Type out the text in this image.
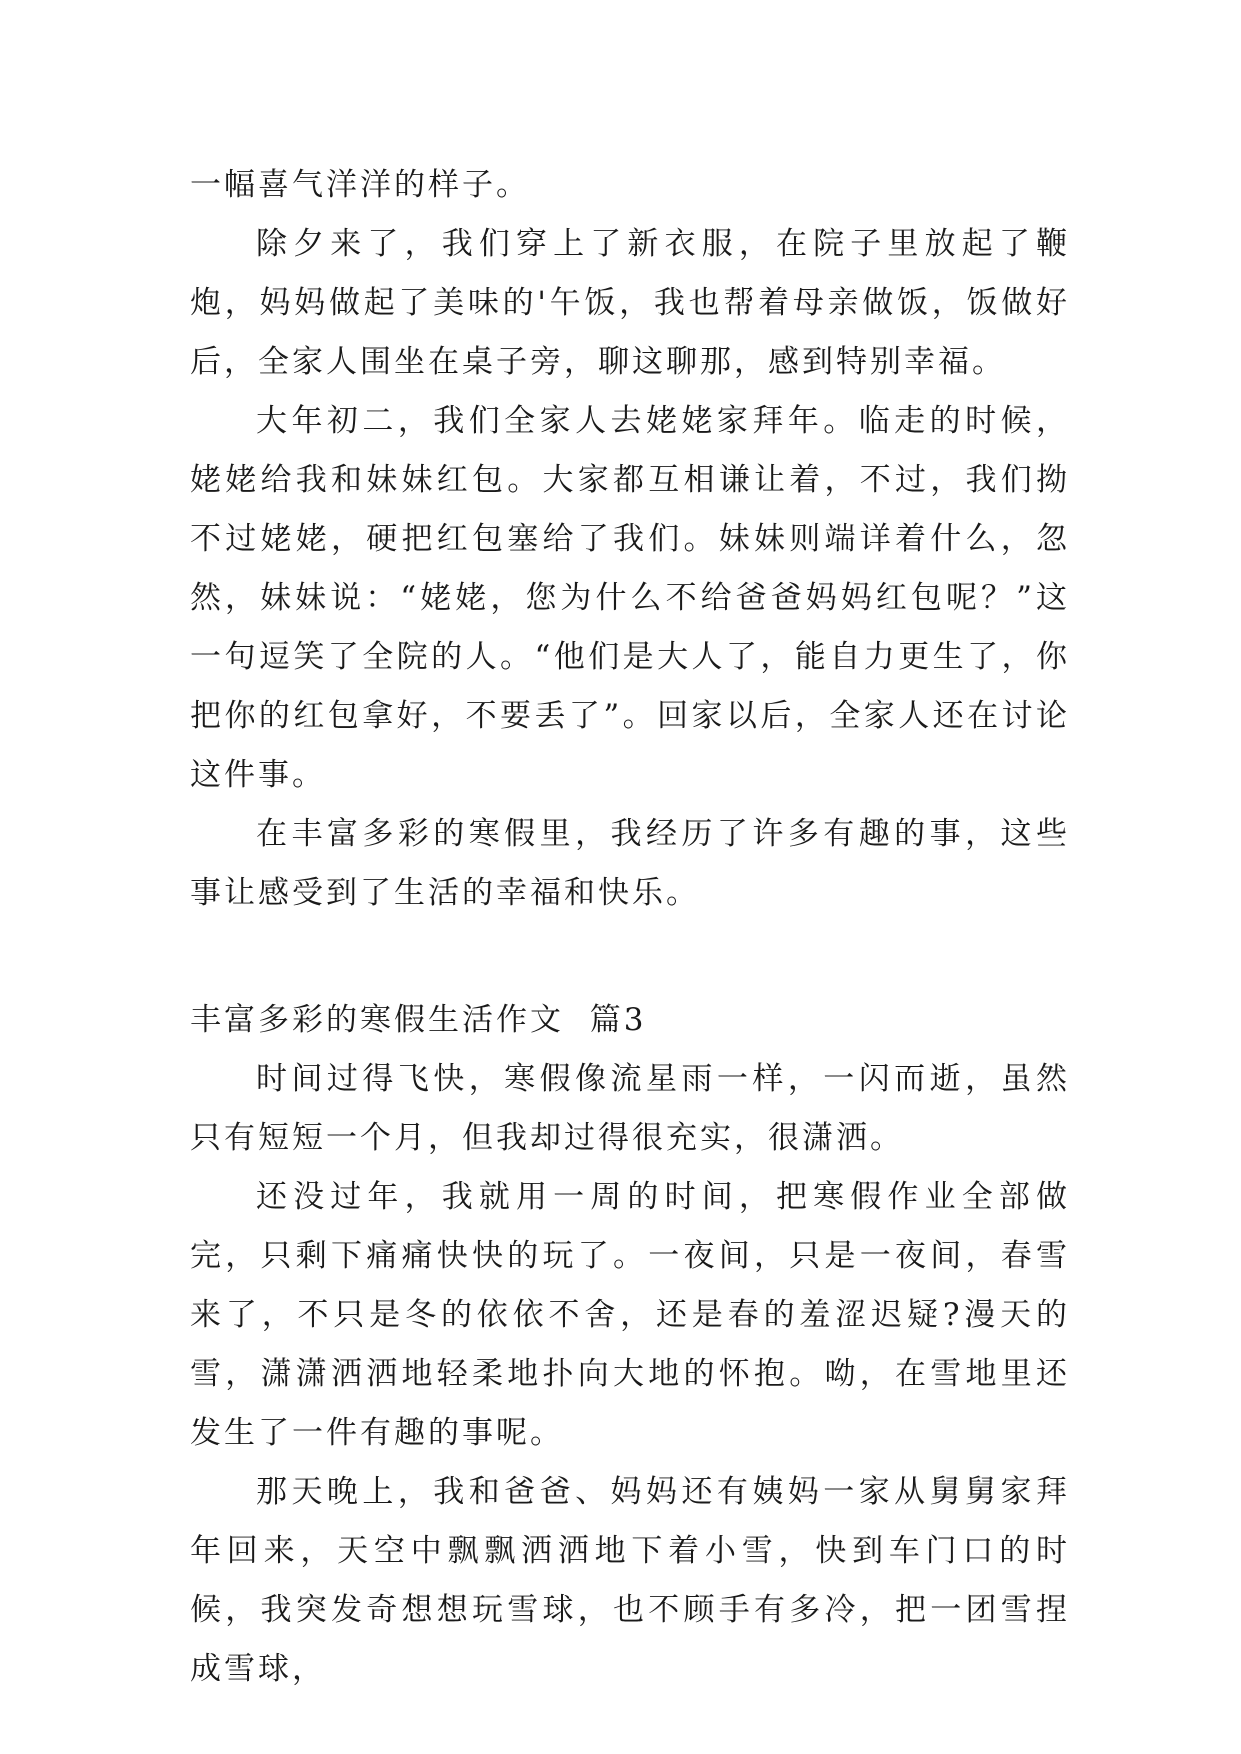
一幅喜气洋洋的样子。

除夕来了，我们穿上了新衣服，在院子里放起了鞭炮，妈妈做起了美味的'午饭，我也帮着母亲做饭，饭做好后，全家人围坐在桌子旁，聊这聊那，感到特别幸福。

大年初二，我们全家人去姥姥家拜年。临走的时候，姥姥给我和妹妹红包。大家都互相谦让着，不过，我们拗不过姥姥，硬把红包塞给了我们。妹妹则端详着什么，忽然，妹妹说：“姥姥，您为什么不给爸爸妈妈红包呢？”这一句逗笑了全院的人。“他们是大人了，能自力更生了，你把你的红包拿好，不要丢了”。回家以后，全家人还在讨论这件事。

在丰富多彩的寒假里，我经历了许多有趣的事，这些事让感受到了生活的幸福和快乐。

丰富多彩的寒假生活作文  篇3

时间过得飞快，寒假像流星雨一样，一闪而逝，虽然只有短短一个月，但我却过得很充实，很潇洒。

还没过年，我就用一周的时间，把寒假作业全部做完，只剩下痛痛快快的玩了。一夜间，只是一夜间，春雪来了，不只是冬的依依不舍，还是春的羞涩迟疑?漫天的雪，潇潇洒洒地轻柔地扑向大地的怀抱。呦，在雪地里还发生了一件有趣的事呢。

那天晚上，我和爸爸、妈妈还有姨妈一家从舅舅家拜年回来，天空中飘飘洒洒地下着小雪，快到车门口的时候，我突发奇想想玩雪球，也不顾手有多冷，把一团雪捏成雪球，
